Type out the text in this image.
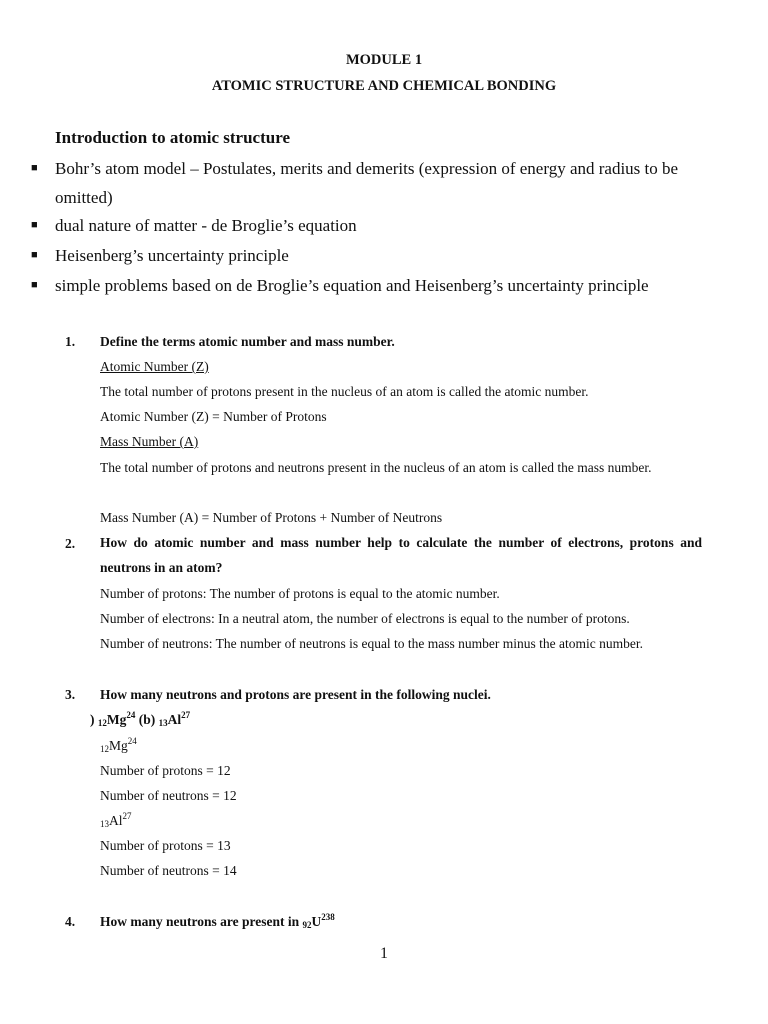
MODULE 1
ATOMIC STRUCTURE AND CHEMICAL BONDING
Introduction to atomic structure
■ Bohr’s atom model – Postulates, merits and demerits (expression of energy and radius to be omitted)
■ dual nature of matter - de Broglie’s equation
■ Heisenberg’s uncertainty principle
■ simple problems based on de Broglie’s equation and Heisenberg’s uncertainty principle
1. Define the terms atomic number and mass number.
Atomic Number (Z)
The total number of protons present in the nucleus of an atom is called the atomic number.
Atomic Number (Z) = Number of Protons
Mass Number (A)
The total number of protons and neutrons present in the nucleus of an atom is called the mass number.
Mass Number (A) = Number of Protons + Number of Neutrons
2. How do atomic number and mass number help to calculate the number of electrons, protons and neutrons in an atom?
Number of protons: The number of protons is equal to the atomic number.
Number of electrons: In a neutral atom, the number of electrons is equal to the number of protons.
Number of neutrons: The number of neutrons is equal to the mass number minus the atomic number.
3. How many neutrons and protons are present in the following nuclei.
) $_{12}Mg^{24}$ (b) $_{13}Al^{27}$
$_{12}Mg^{24}$
Number of protons = 12
Number of neutrons = 12
$_{13}Al^{27}$
Number of protons = 13
Number of neutrons = 14
4. How many neutrons are present in $_{92}U^{238}$
1
